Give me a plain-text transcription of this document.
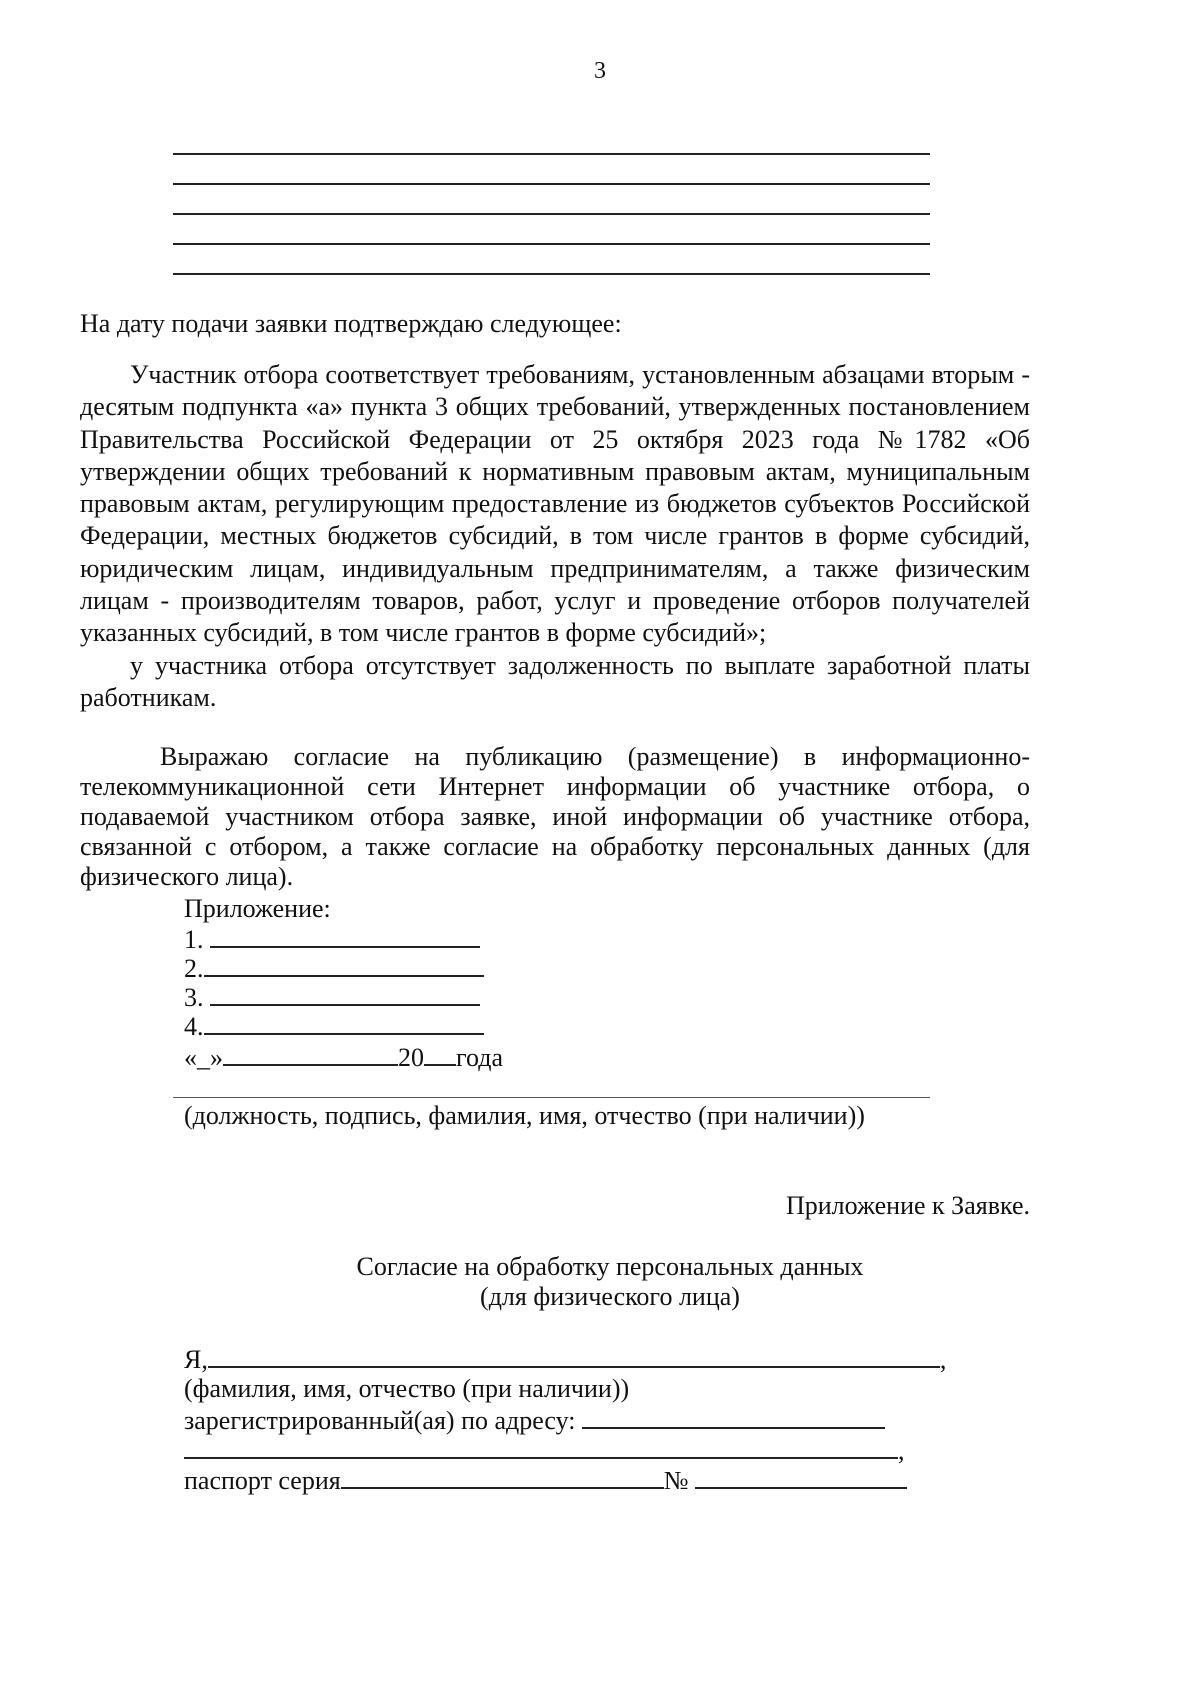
3
На дату подачи заявки подтверждаю следующее:
Участник отбора соответствует требованиям, установленным абзацами вторым -
десятым подпункта «а» пункта 3 общих требований, утвержденных постановлением
Правительства Российской Федерации от 25 октября 2023 года №1782 «Об
утверждении общих требований к нормативным правовым актам, муниципальным
правовым актам, регулирующим предоставление из бюджетов субъектов Российской
Федерации, местных бюджетов субсидий, в том числе грантов в форме субсидий,
юридическим лицам, индивидуальным предпринимателям, а также физическим
лицам - производителям товаров, работ, услуг и проведение отборов получателей
указанных субсидий, в том числе грантов в форме субсидий»;
у участника отбора отсутствует задолженность по выплате заработной платы
работникам.
Выражаю согласие на публикацию (размещение) в информационно-
телекоммуникационной сети Интернет информации об участнике отбора, о
подаваемой участником отбора заявке, иной информации об участнике отбора,
связанной с отбором, а также согласие на обработку персональных данных (для
физического лица).
Приложение:
1.
2.
3.
4.
«_»	20 года
(должность, подпись, фамилия, имя, отчество (при наличии))
Приложение к Заявке.
Согласие на обработку персональных данных
(для физического лица)
Я,	,
(фамилия, имя, отчество (при наличии))
зарегистрированный(ая) по адресу:
,
паспорт серия	№
